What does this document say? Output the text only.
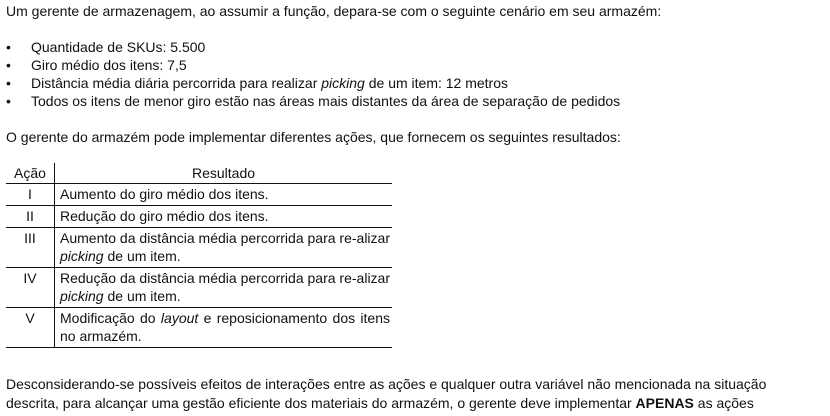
Um gerente de armazenagem, ao assumir a função, depara-se com o seguinte cenário em seu armazém:
• Quantidade de SKUs: 5.500
• Giro médio dos itens: 7,5
• Distância média diária percorrida para realizar picking de um item: 12 metros
• Todos os itens de menor giro estão nas áreas mais distantes da área de separação de pedidos
O gerente do armazém pode implementar diferentes ações, que fornecem os seguintes resultados:
Ação	Resultado
I	Aumento do giro médio dos itens.
II	Redução do giro médio dos itens.
III	Aumento da distância média percorrida para re-alizar picking de um item.
IV	Redução da distância média percorrida para re-alizar picking de um item.
V	Modificação do layout e reposicionamento dos itens no armazém.
Desconsiderando-se possíveis efeitos de interações entre as ações e qualquer outra variável não mencionada na situação
descrita, para alcançar uma gestão eficiente dos materiais do armazém, o gerente deve implementar APENAS as ações
